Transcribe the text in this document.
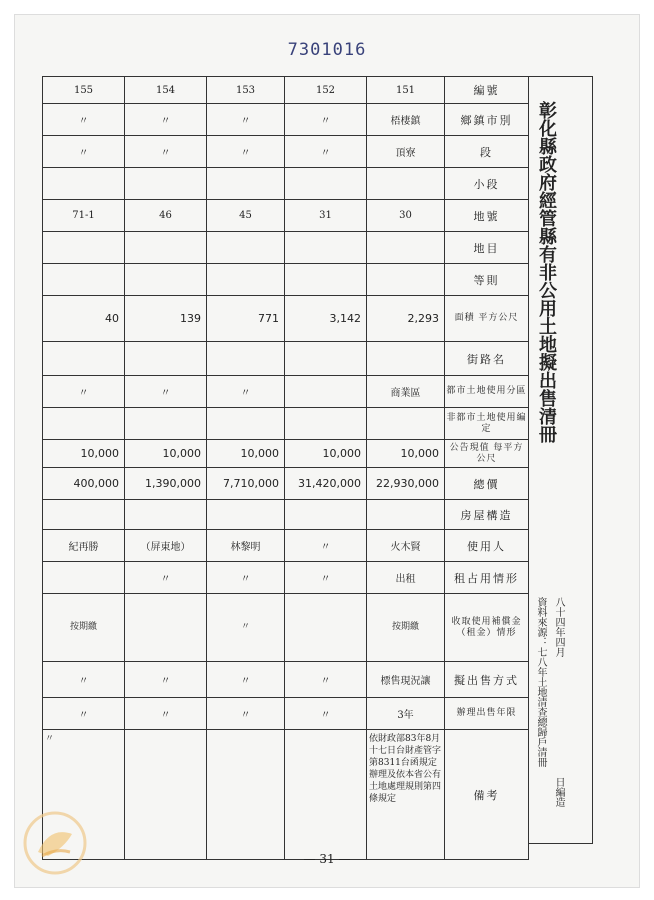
7301016
155	154	153	152	151	編號
〃	〃	〃	〃	梧棲鎮	鄉鎮市別
〃	〃	〃	〃	頂寮	段
					小段
71-1	46	45	31	30	地號
					地目
					等則
40	139	771	3,142	2,293	面積 平方公尺
					街路名
〃	〃	〃		商業區	都市土地使用分區
					非都市土地使用編定
10,000	10,000	10,000	10,000	10,000	公告現值 每平方公尺
400,000	1,390,000	7,710,000	31,420,000	22,930,000	總價
					房屋構造
紀再勝	（屏東地）	林黎明	〃	火木賢	使用人
	〃	〃	〃	出租	租占用情形
按期繳		〃		按期繳	收取使用補償金（租金）情形
〃	〃	〃	〃	標售現況讓	擬出售方式
〃	〃	〃	〃	3年	辦理出售年限
〃				依財政部83年8月十七日台財產管字第8311台函規定辦理及依本省公有土地處理規則第四條規定	備考
彰化縣政府經管縣有非公用土地擬出售清冊
資料來源：七八年土地清查總歸戶清冊 八十四年四月
日編造
— 31 —
